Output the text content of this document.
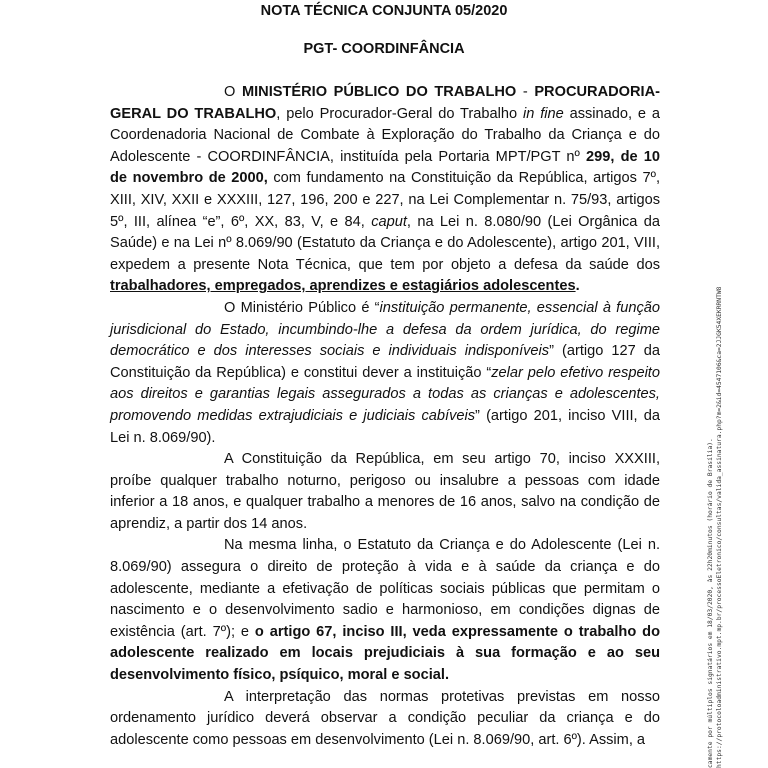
NOTA TÉCNICA CONJUNTA 05/2020
PGT- COORDINFÂNCIA

O MINISTÉRIO PÚBLICO DO TRABALHO - PROCURADORIA-GERAL DO TRABALHO, pelo Procurador-Geral do Trabalho in fine assinado, e a Coordenadoria Nacional de Combate à Exploração do Trabalho da Criança e do Adolescente - COORDINFÂNCIA, instituída pela Portaria MPT/PGT nº 299, de 10 de novembro de 2000, com fundamento na Constituição da República, artigos 7º, XIII, XIV, XXII e XXXIII, 127, 196, 200 e 227, na Lei Complementar n. 75/93, artigos 5º, III, alínea “e”, 6º, XX, 83, V, e 84, caput, na Lei n. 8.080/90 (Lei Orgânica da Saúde) e na Lei nº 8.069/90 (Estatuto da Criança e do Adolescente), artigo 201, VIII, expedem a presente Nota Técnica, que tem por objeto a defesa da saúde dos trabalhadores, empregados, aprendizes e estagiários adolescentes.

O Ministério Público é “instituição permanente, essencial à função jurisdicional do Estado, incumbindo-lhe a defesa da ordem jurídica, do regime democrático e dos interesses sociais e individuais indisponíveis” (artigo 127 da Constituição da República) e constitui dever a instituição “zelar pelo efetivo respeito aos direitos e garantias legais assegurados a todas as crianças e adolescentes, promovendo medidas extrajudiciais e judiciais cabíveis” (artigo 201, inciso VIII, da Lei n. 8.069/90).

A Constituição da República, em seu artigo 70, inciso XXXIII, proíbe qualquer trabalho noturno, perigoso ou insalubre a pessoas com idade inferior a 18 anos, e qualquer trabalho a menores de 16 anos, salvo na condição de aprendiz, a partir dos 14 anos.

Na mesma linha, o Estatuto da Criança e do Adolescente (Lei n. 8.069/90) assegura o direito de proteção à vida e à saúde da criança e do adolescente, mediante a efetivação de políticas sociais públicas que permitam o nascimento e o desenvolvimento sadio e harmonioso, em condições dignas de existência (art. 7º); e o artigo 67, inciso III, veda expressamente o trabalho do adolescente realizado em locais prejudiciais à sua formação e ao seu desenvolvimento físico, psíquico, moral e social.

A interpretação das normas protetivas previstas em nosso ordenamento jurídico deverá observar a condição peculiar da criança e do adolescente como pessoas em desenvolvimento (Lei n. 8.069/90, art. 6º). Assim, a	camente por múltiplos signatários em 18/03/2020, às 22h20minutos (horário de Brasília). https://protocoloadministrativo.mpt.mp.br/processoEletronico/consultas/valida_assinatura.php?m=2&id=4547106&ca=2JJGK54XEKRRNTW8
